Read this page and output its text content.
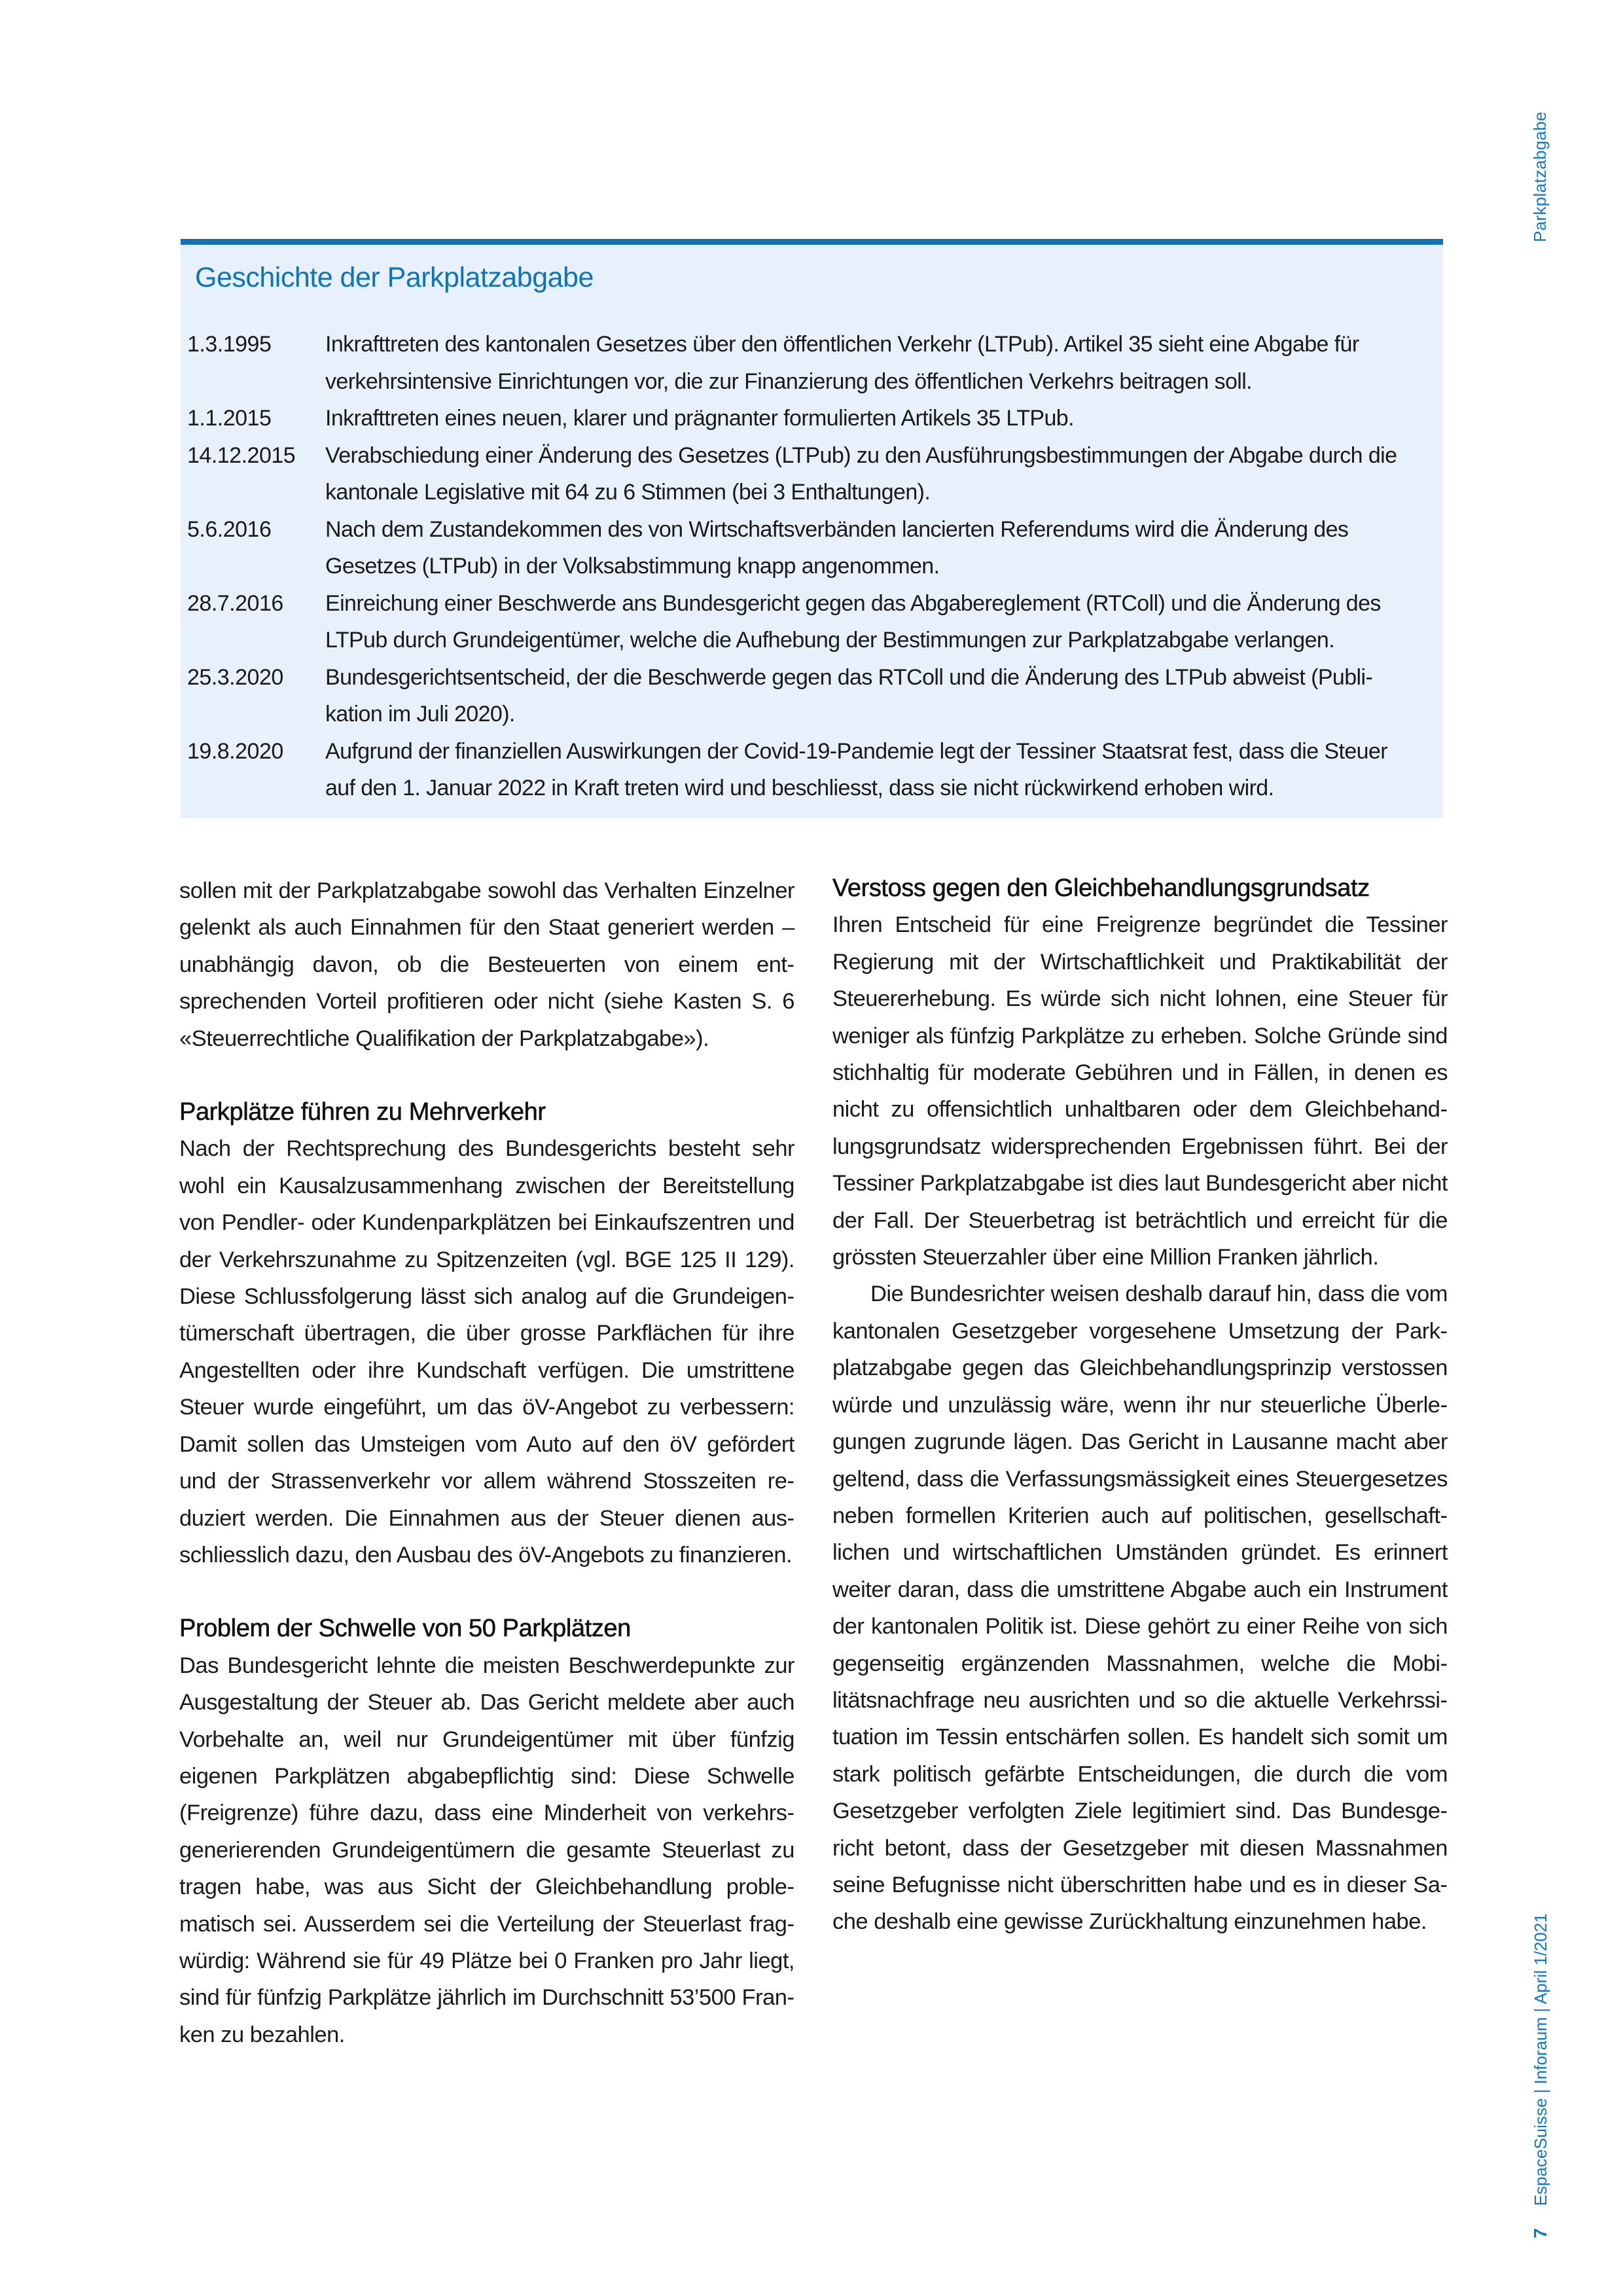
Parkplatzabgabe
7
EspaceSuisse | Inforaum | April 1/2021
Geschichte der Parkplatzabgabe
1.3.1995	Inkrafttreten des kantonalen Gesetzes über den öffentlichen Verkehr (LTPub). Artikel 35 sieht eine Abgabe für verkehrsintensive Einrichtungen vor, die zur Finanzierung des öffentlichen Verkehrs beitragen soll.
1.1.2015	Inkrafttreten eines neuen, klarer und prägnanter formulierten Artikels 35 LTPub.
14.12.2015	Verabschiedung einer Änderung des Gesetzes (LTPub) zu den Ausführungsbestimmungen der Abgabe durch die kantonale Legislative mit 64 zu 6 Stimmen (bei 3 Enthaltungen).
5.6.2016	Nach dem Zustandekommen des von Wirtschaftsverbänden lancierten Referendums wird die Änderung des Gesetzes (LTPub) in der Volksabstimmung knapp angenommen.
28.7.2016	Einreichung einer Beschwerde ans Bundesgericht gegen das Abgabereglement (RTColl) und die Änderung des LTPub durch Grundeigentümer, welche die Aufhebung der Bestimmungen zur Parkplatzabgabe verlangen.
25.3.2020	Bundesgerichtsentscheid, der die Beschwerde gegen das RTColl und die Änderung des LTPub abweist (Publikation im Juli 2020).
19.8.2020	Aufgrund der finanziellen Auswirkungen der Covid-19-Pandemie legt der Tessiner Staatsrat fest, dass die Steuer auf den 1. Januar 2022 in Kraft treten wird und beschliesst, dass sie nicht rückwirkend erhoben wird.

sollen mit der Parkplatzabgabe sowohl das Verhalten Einzelner gelenkt als auch Einnahmen für den Staat generiert werden – unabhängig davon, ob die Besteuerten von einem entsprechenden Vorteil profitieren oder nicht (siehe Kasten S. 6 «Steuerrechtliche Qualifikation der Parkplatzabgabe»).

Parkplätze führen zu Mehrverkehr

Nach der Rechtsprechung des Bundesgerichts besteht sehr wohl ein Kausalzusammenhang zwischen der Bereitstellung von Pendler- oder Kundenparkplätzen bei Einkaufszentren und der Verkehrszunahme zu Spitzenzeiten (vgl. BGE 125 II 129). Diese Schlussfolgerung lässt sich analog auf die Grundeigentümerschaft übertragen, die über grosse Parkflächen für ihre Angestellten oder ihre Kundschaft verfügen. Die umstrittene Steuer wurde eingeführt, um das öV-Angebot zu verbessern: Damit sollen das Umsteigen vom Auto auf den öV gefördert und der Strassenverkehr vor allem während Stosszeiten reduziert werden. Die Einnahmen aus der Steuer dienen ausschliesslich dazu, den Ausbau des öV-Angebots zu finanzieren.

Problem der Schwelle von 50 Parkplätzen

Das Bundesgericht lehnte die meisten Beschwerdepunkte zur Ausgestaltung der Steuer ab. Das Gericht meldete aber auch Vorbehalte an, weil nur Grundeigentümer mit über fünfzig eigenen Parkplätzen abgabepflichtig sind: Diese Schwelle (Freigrenze) führe dazu, dass eine Minderheit von verkehrsgenerierenden Grundeigentümern die gesamte Steuerlast zu tragen habe, was aus Sicht der Gleichbehandlung problematisch sei. Ausserdem sei die Verteilung der Steuerlast fragwürdig: Während sie für 49 Plätze bei 0 Franken pro Jahr liegt, sind für fünfzig Parkplätze jährlich im Durchschnitt 53’500 Franken zu bezahlen.

Verstoss gegen den Gleichbehandlungsgrundsatz

Ihren Entscheid für eine Freigrenze begründet die Tessiner Regierung mit der Wirtschaftlichkeit und Praktikabilität der Steuererhebung. Es würde sich nicht lohnen, eine Steuer für weniger als fünfzig Parkplätze zu erheben. Solche Gründe sind stichhaltig für moderate Gebühren und in Fällen, in denen es nicht zu offensichtlich unhaltbaren oder dem Gleichbehandlungsgrundsatz widersprechenden Ergebnissen führt. Bei der Tessiner Parkplatzabgabe ist dies laut Bundesgericht aber nicht der Fall. Der Steuerbetrag ist beträchtlich und erreicht für die grössten Steuerzahler über eine Million Franken jährlich.

Die Bundesrichter weisen deshalb darauf hin, dass die vom kantonalen Gesetzgeber vorgesehene Umsetzung der Parkplatzabgabe gegen das Gleichbehandlungsprinzip verstossen würde und unzulässig wäre, wenn ihr nur steuerliche Überlegungen zugrunde lägen. Das Gericht in Lausanne macht aber geltend, dass die Verfassungsmässigkeit eines Steuergesetzes neben formellen Kriterien auch auf politischen, gesellschaftlichen und wirtschaftlichen Umständen gründet. Es erinnert weiter daran, dass die umstrittene Abgabe auch ein Instrument der kantonalen Politik ist. Diese gehört zu einer Reihe von sich gegenseitig ergänzenden Massnahmen, welche die Mobilitätsnachfrage neu ausrichten und so die aktuelle Verkehrssituation im Tessin entschärfen sollen. Es handelt sich somit um stark politisch gefärbte Entscheidungen, die durch die vom Gesetzgeber verfolgten Ziele legitimiert sind. Das Bundesgericht betont, dass der Gesetzgeber mit diesen Massnahmen seine Befugnisse nicht überschritten habe und es in dieser Sache deshalb eine gewisse Zurückhaltung einzunehmen habe.
